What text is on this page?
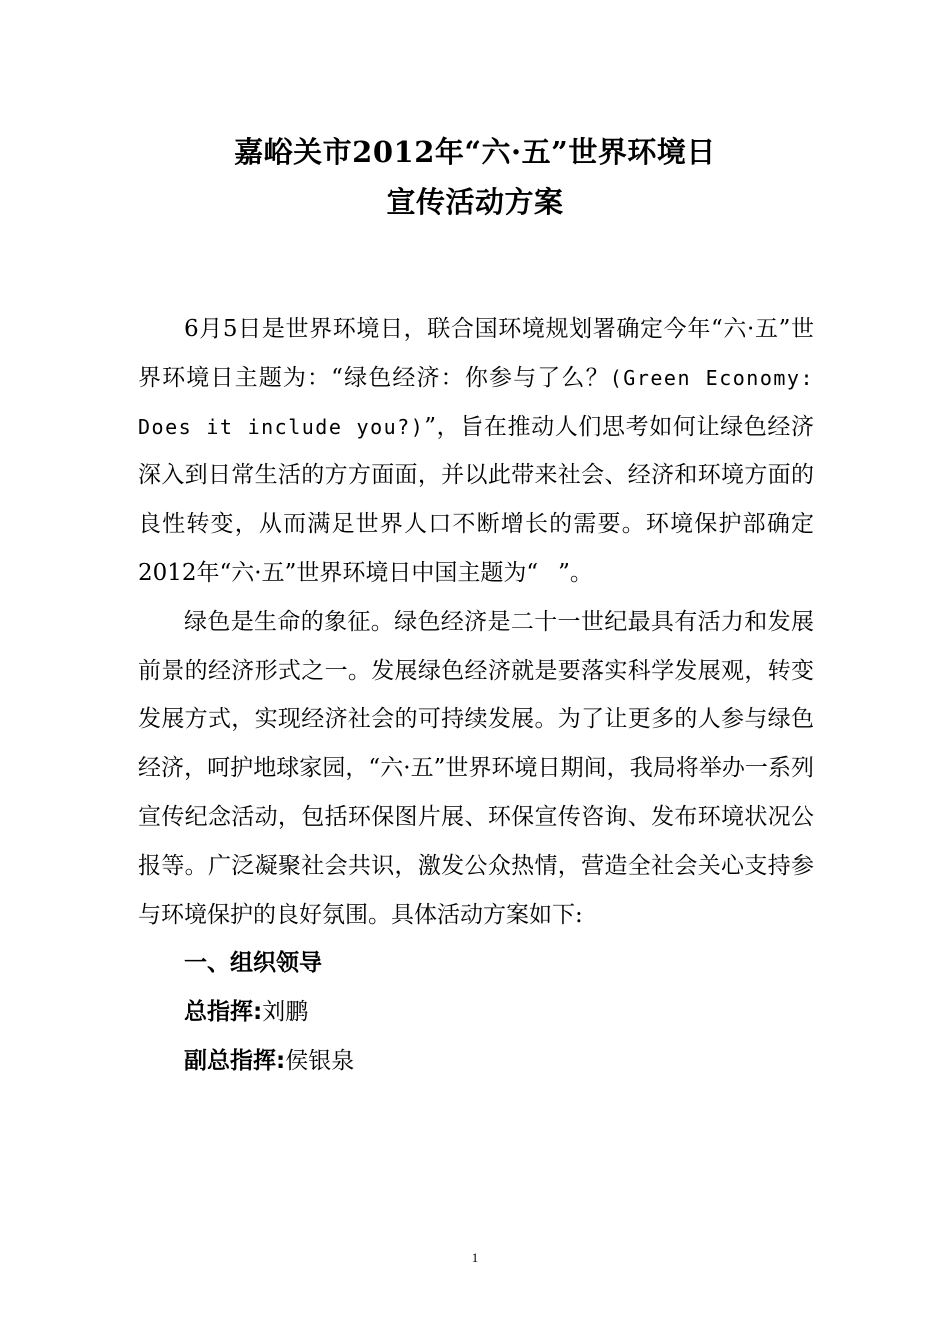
嘉峪关市2012年“六·五”世界环境日
宣传活动方案

6月5日是世界环境日，联合国环境规划署确定今年“六·五”世界环境日主题为：“绿色经济：你参与了么？(Green Economy: Does it include you?)”，旨在推动人们思考如何让绿色经济深入到日常生活的方方面面，并以此带来社会、经济和环境方面的良性转变，从而满足世界人口不断增长的需要。环境保护部确定2012年“六·五”世界环境日中国主题为“ ”。

绿色是生命的象征。绿色经济是二十一世纪最具有活力和发展前景的经济形式之一。发展绿色经济就是要落实科学发展观，转变发展方式，实现经济社会的可持续发展。为了让更多的人参与绿色经济，呵护地球家园，“六·五”世界环境日期间，我局将举办一系列宣传纪念活动，包括环保图片展、环保宣传咨询、发布环境状况公报等。广泛凝聚社会共识，激发公众热情，营造全社会关心支持参与环境保护的良好氛围。具体活动方案如下:

一、组织领导

总指挥:刘鹏

副总指挥:侯银泉

1
